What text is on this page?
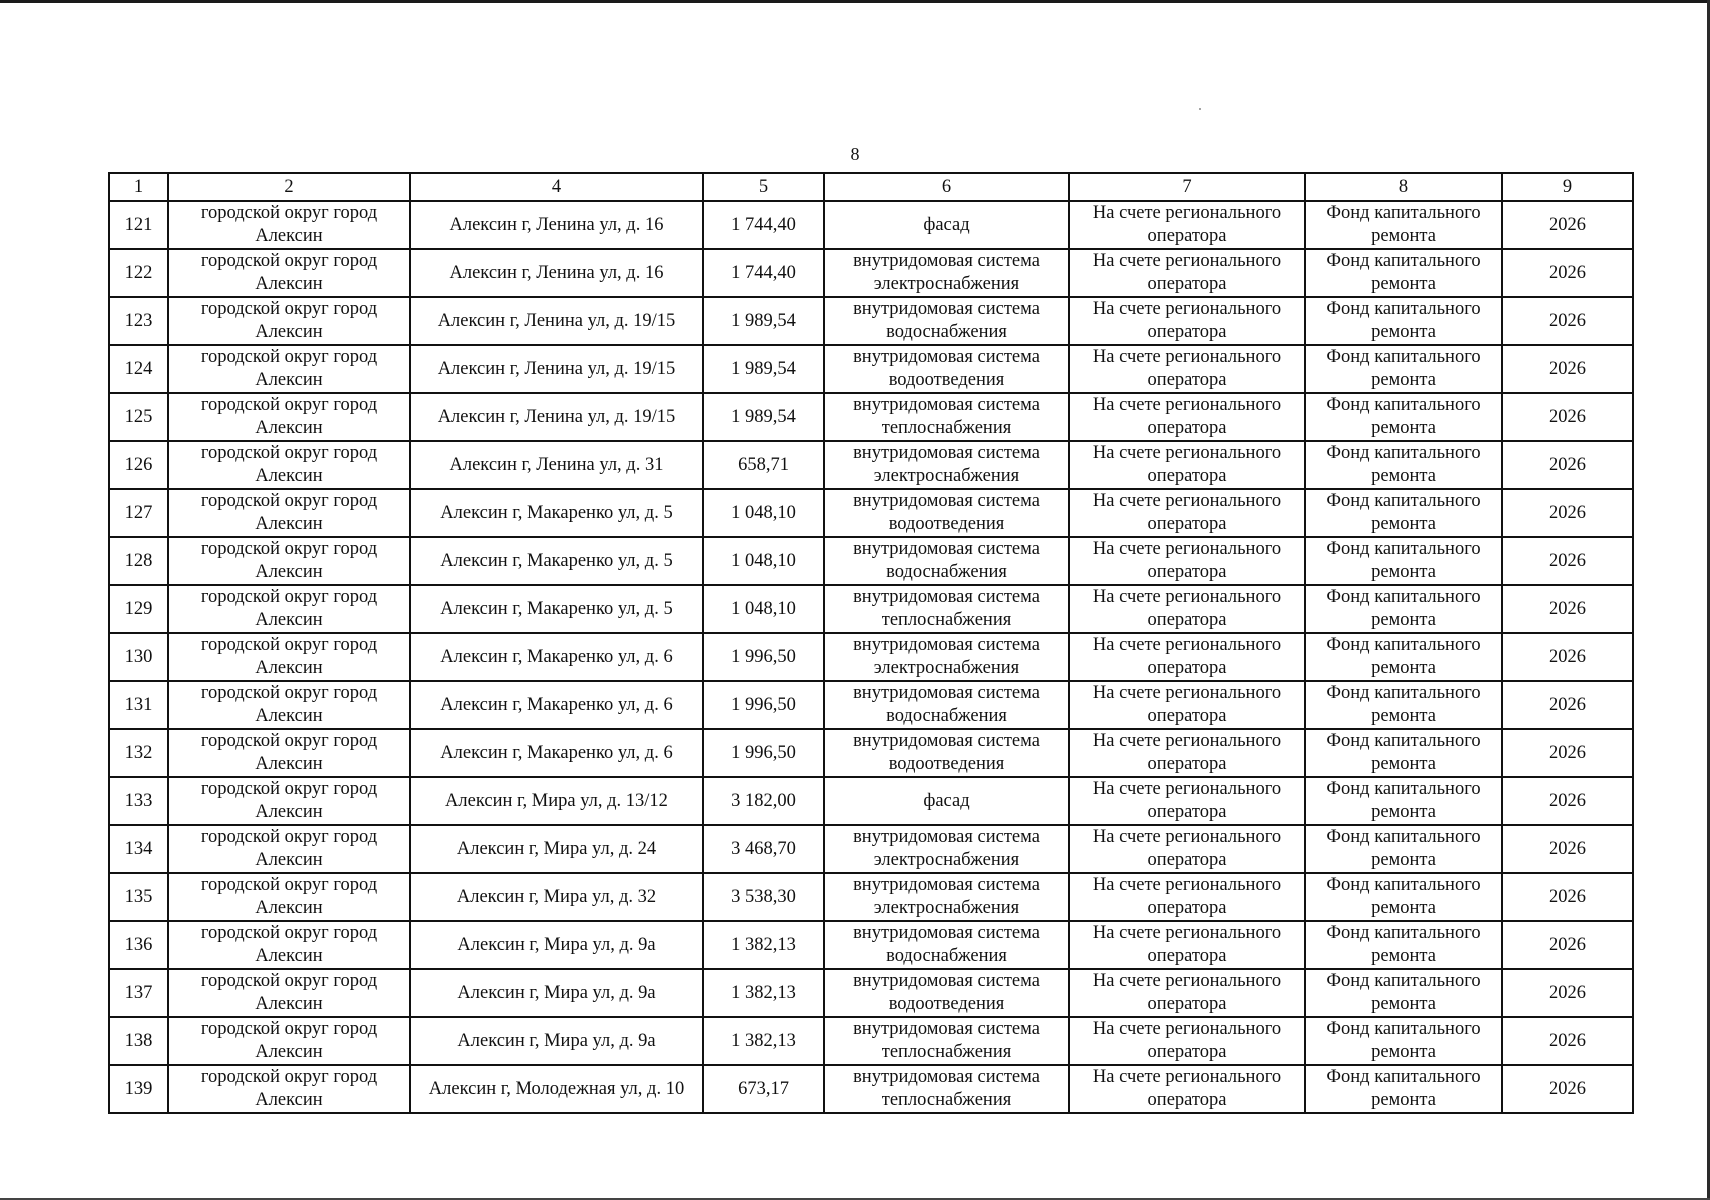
8
1	2	4	5	6	7	8	9
121	городской округ город Алексин	Алексин г, Ленина ул, д. 16	1 744,40	фасад	На счете регионального оператора	Фонд капитального ремонта	2026
122	городской округ город Алексин	Алексин г, Ленина ул, д. 16	1 744,40	внутридомовая система электроснабжения	На счете регионального оператора	Фонд капитального ремонта	2026
123	городской округ город Алексин	Алексин г, Ленина ул, д. 19/15	1 989,54	внутридомовая система водоснабжения	На счете регионального оператора	Фонд капитального ремонта	2026
124	городской округ город Алексин	Алексин г, Ленина ул, д. 19/15	1 989,54	внутридомовая система водоотведения	На счете регионального оператора	Фонд капитального ремонта	2026
125	городской округ город Алексин	Алексин г, Ленина ул, д. 19/15	1 989,54	внутридомовая система теплоснабжения	На счете регионального оператора	Фонд капитального ремонта	2026
126	городской округ город Алексин	Алексин г, Ленина ул, д. 31	658,71	внутридомовая система электроснабжения	На счете регионального оператора	Фонд капитального ремонта	2026
127	городской округ город Алексин	Алексин г, Макаренко ул, д. 5	1 048,10	внутридомовая система водоотведения	На счете регионального оператора	Фонд капитального ремонта	2026
128	городской округ город Алексин	Алексин г, Макаренко ул, д. 5	1 048,10	внутридомовая система водоснабжения	На счете регионального оператора	Фонд капитального ремонта	2026
129	городской округ город Алексин	Алексин г, Макаренко ул, д. 5	1 048,10	внутридомовая система теплоснабжения	На счете регионального оператора	Фонд капитального ремонта	2026
130	городской округ город Алексин	Алексин г, Макаренко ул, д. 6	1 996,50	внутридомовая система электроснабжения	На счете регионального оператора	Фонд капитального ремонта	2026
131	городской округ город Алексин	Алексин г, Макаренко ул, д. 6	1 996,50	внутридомовая система водоснабжения	На счете регионального оператора	Фонд капитального ремонта	2026
132	городской округ город Алексин	Алексин г, Макаренко ул, д. 6	1 996,50	внутридомовая система водоотведения	На счете регионального оператора	Фонд капитального ремонта	2026
133	городской округ город Алексин	Алексин г, Мира ул, д. 13/12	3 182,00	фасад	На счете регионального оператора	Фонд капитального ремонта	2026
134	городской округ город Алексин	Алексин г, Мира ул, д. 24	3 468,70	внутридомовая система электроснабжения	На счете регионального оператора	Фонд капитального ремонта	2026
135	городской округ город Алексин	Алексин г, Мира ул, д. 32	3 538,30	внутридомовая система электроснабжения	На счете регионального оператора	Фонд капитального ремонта	2026
136	городской округ город Алексин	Алексин г, Мира ул, д. 9а	1 382,13	внутридомовая система водоснабжения	На счете регионального оператора	Фонд капитального ремонта	2026
137	городской округ город Алексин	Алексин г, Мира ул, д. 9а	1 382,13	внутридомовая система водоотведения	На счете регионального оператора	Фонд капитального ремонта	2026
138	городской округ город Алексин	Алексин г, Мира ул, д. 9а	1 382,13	внутридомовая система теплоснабжения	На счете регионального оператора	Фонд капитального ремонта	2026
139	городской округ город Алексин	Алексин г, Молодежная ул, д. 10	673,17	внутридомовая система теплоснабжения	На счете регионального оператора	Фонд капитального ремонта	2026
